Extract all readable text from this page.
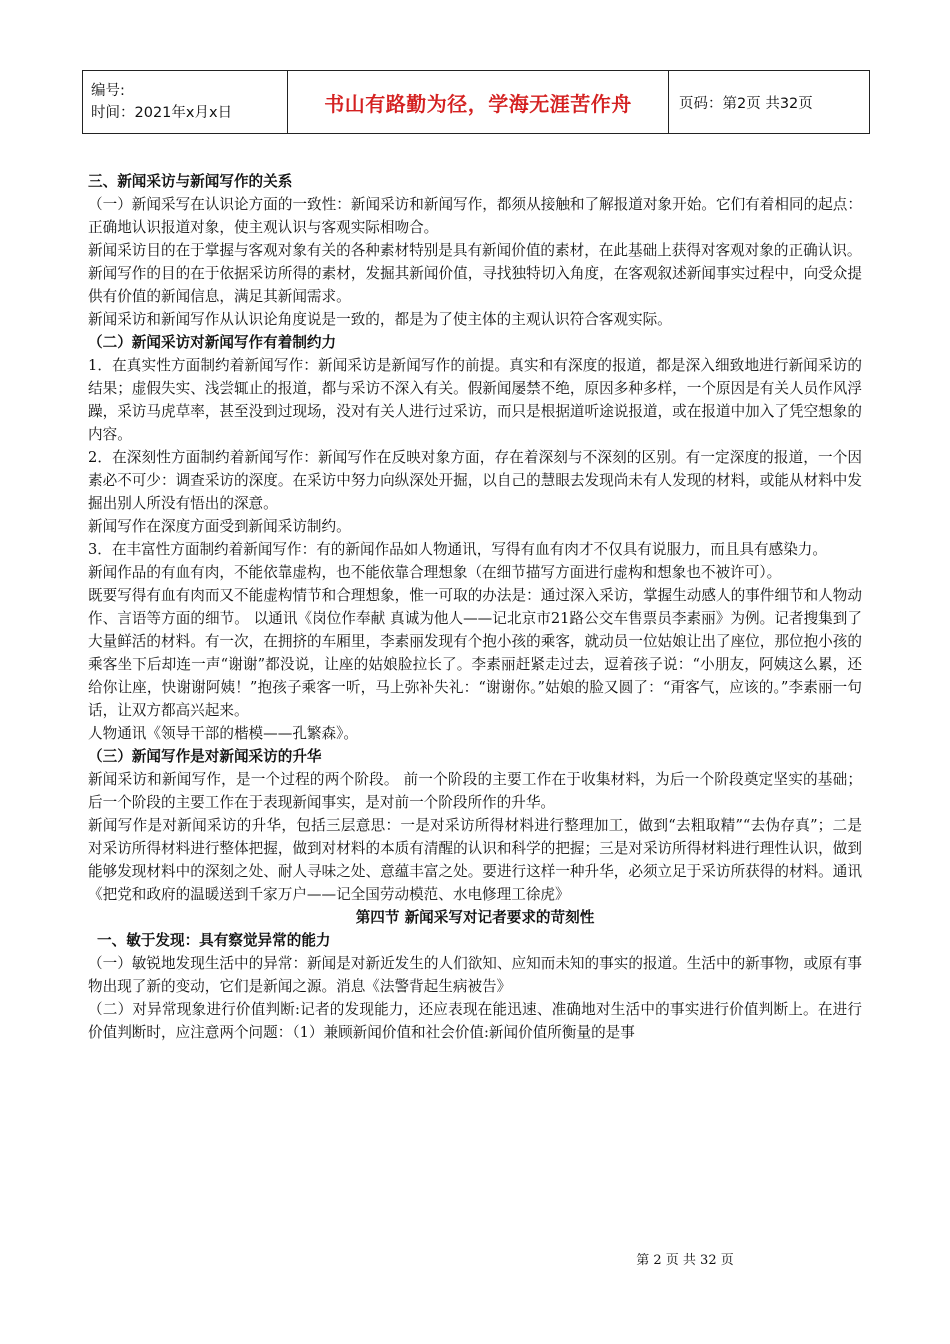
编号:
时间：2021年x月x日	书山有路勤为径，学海无涯苦作舟	页码：第2页 共32页

三、新闻采访与新闻写作的关系

（一）新闻采写在认识论方面的一致性：新闻采访和新闻写作，都须从接触和了解报道对象开始。它们有着相同的起点：正确地认识报道对象，使主观认识与客观实际相吻合。

新闻采访目的在于掌握与客观对象有关的各种素材特别是具有新闻价值的素材，在此基础上获得对客观对象的正确认识。

新闻写作的目的在于依据采访所得的素材，发掘其新闻价值，寻找独特切入角度，在客观叙述新闻事实过程中，向受众提供有价值的新闻信息，满足其新闻需求。

新闻采访和新闻写作从认识论角度说是一致的，都是为了使主体的主观认识符合客观实际。

（二）新闻采访对新闻写作有着制约力

1．在真实性方面制约着新闻写作：新闻采访是新闻写作的前提。真实和有深度的报道，都是深入细致地进行新闻采访的结果；虚假失实、浅尝辄止的报道，都与采访不深入有关。假新闻屡禁不绝，原因多种多样，一个原因是有关人员作风浮躁，采访马虎草率，甚至没到过现场，没对有关人进行过采访，而只是根据道听途说报道，或在报道中加入了凭空想象的内容。

2．在深刻性方面制约着新闻写作：新闻写作在反映对象方面，存在着深刻与不深刻的区别。有一定深度的报道，一个因素必不可少：调查采访的深度。在采访中努力向纵深处开掘，以自己的慧眼去发现尚未有人发现的材料，或能从材料中发掘出别人所没有悟出的深意。

新闻写作在深度方面受到新闻采访制约。

3．在丰富性方面制约着新闻写作：有的新闻作品如人物通讯，写得有血有肉才不仅具有说服力，而且具有感染力。

新闻作品的有血有肉，不能依靠虚构，也不能依靠合理想象（在细节描写方面进行虚构和想象也不被许可）。

既要写得有血有肉而又不能虚构情节和合理想象，惟一可取的办法是：通过深入采访，掌握生动感人的事件细节和人物动作、言语等方面的细节。 以通讯《岗位作奉献 真诚为他人——记北京市21路公交车售票员李素丽》为例。记者搜集到了大量鲜活的材料。有一次，在拥挤的车厢里，李素丽发现有个抱小孩的乘客，就动员一位姑娘让出了座位，那位抱小孩的乘客坐下后却连一声“谢谢”都没说，让座的姑娘脸拉长了。李素丽赶紧走过去，逗着孩子说：“小朋友，阿姨这么累，还给你让座，快谢谢阿姨！”抱孩子乘客一听，马上弥补失礼：“谢谢你。”姑娘的脸又圆了：“甭客气，应该的。”李素丽一句话，让双方都高兴起来。

人物通讯《领导干部的楷模——孔繁森》。

（三）新闻写作是对新闻采访的升华

新闻采访和新闻写作，是一个过程的两个阶段。 前一个阶段的主要工作在于收集材料，为后一个阶段奠定坚实的基础；后一个阶段的主要工作在于表现新闻事实，是对前一个阶段所作的升华。

新闻写作是对新闻采访的升华，包括三层意思：一是对采访所得材料进行整理加工，做到“去粗取精”“去伪存真”；二是对采访所得材料进行整体把握，做到对材料的本质有清醒的认识和科学的把握；三是对采访所得材料进行理性认识，做到能够发现材料中的深刻之处、耐人寻味之处、意蕴丰富之处。要进行这样一种升华，必须立足于采访所获得的材料。通讯《把党和政府的温暖送到千家万户——记全国劳动模范、水电修理工徐虎》

第四节 新闻采写对记者要求的苛刻性

一、敏于发现：具有察觉异常的能力

（一）敏锐地发现生活中的异常：新闻是对新近发生的人们欲知、应知而未知的事实的报道。生活中的新事物，或原有事物出现了新的变动，它们是新闻之源。消息《法警背起生病被告》

（二）对异常现象进行价值判断:记者的发现能力，还应表现在能迅速、准确地对生活中的事实进行价值判断上。在进行价值判断时，应注意两个问题：（1）兼顾新闻价值和社会价值:新闻价值所衡量的是事

第 2 页 共 32 页
